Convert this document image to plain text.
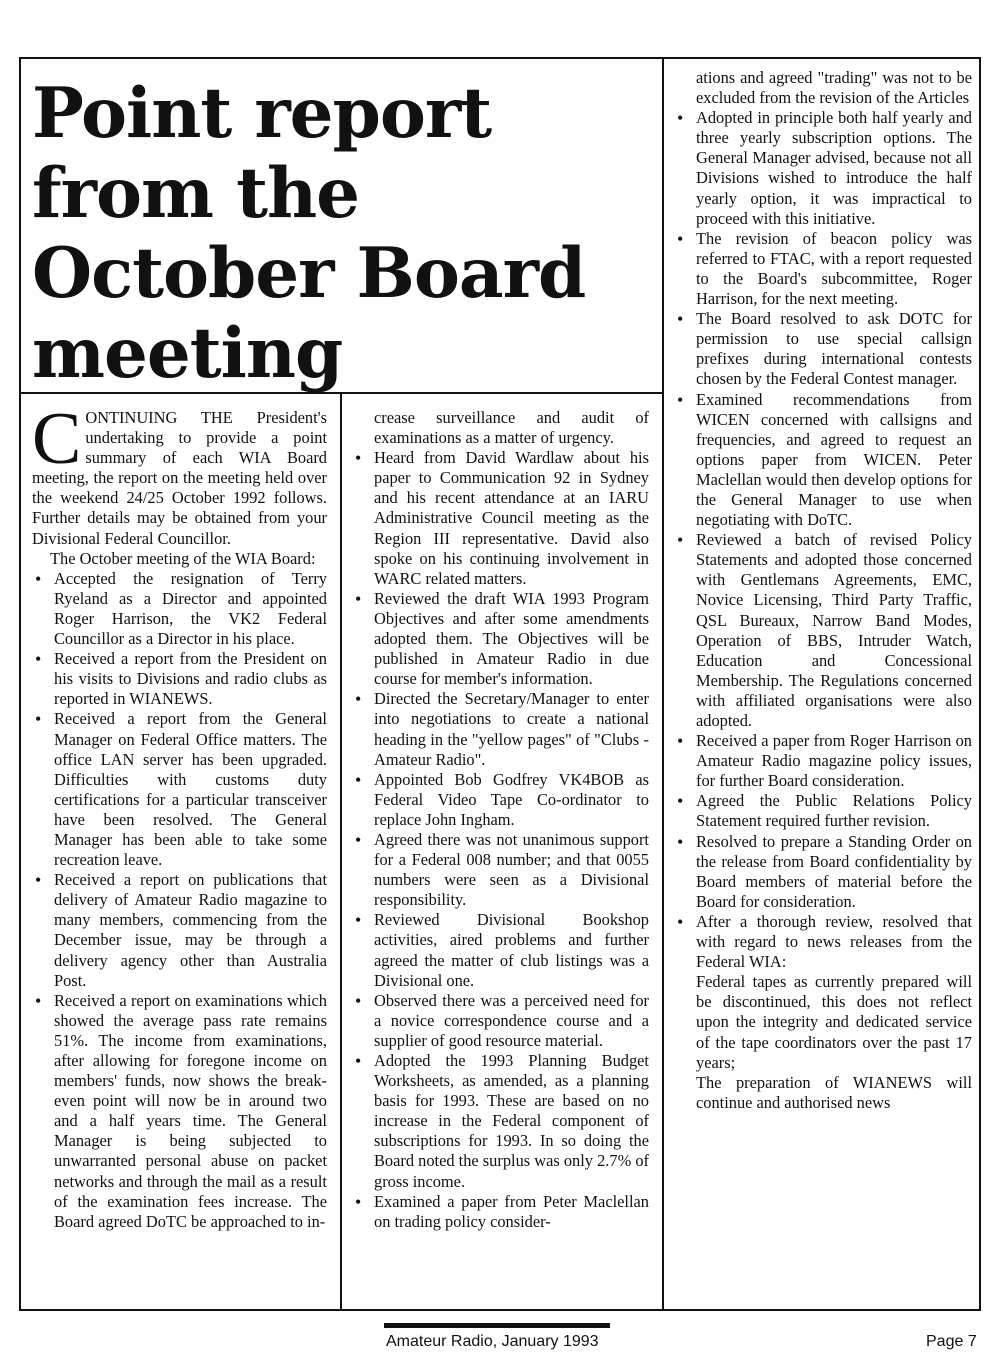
Point report from the October Board meeting

CONTINUING THE President's undertaking to provide a point summary of each WIA Board meeting, the report on the meeting held over the weekend 24/25 October 1992 follows. Further details may be obtained from your Divisional Federal Councillor.

The October meeting of the WIA Board:

• Accepted the resignation of Terry Ryeland as a Director and appointed Roger Harrison, the VK2 Federal Councillor as a Director in his place.
• Received a report from the President on his visits to Divisions and radio clubs as reported in WIANEWS.
• Received a report from the General Manager on Federal Office matters. The office LAN server has been upgraded. Difficulties with customs duty certifications for a particular transceiver have been resolved. The General Manager has been able to take some recreation leave.
• Received a report on publications that delivery of Amateur Radio magazine to many members, commencing from the December issue, may be through a delivery agency other than Australia Post.
• Received a report on examinations which showed the average pass rate remains 51%. The income from examinations, after allowing for foregone income on members' funds, now shows the break-even point will now be in around two and a half years time. The General Manager is being subjected to unwarranted personal abuse on packet networks and through the mail as a result of the examination fees increase. The Board agreed DoTC be approached to in-

crease surveillance and audit of examinations as a matter of urgency.

• Heard from David Wardlaw about his paper to Communication 92 in Sydney and his recent attendance at an IARU Administrative Council meeting as the Region III representative. David also spoke on his continuing involvement in WARC related matters.
• Reviewed the draft WIA 1993 Program Objectives and after some amendments adopted them. The Objectives will be published in Amateur Radio in due course for member's information.
• Directed the Secretary/Manager to enter into negotiations to create a national heading in the "yellow pages" of "Clubs -Amateur Radio".
• Appointed Bob Godfrey VK4BOB as Federal Video Tape Co-ordinator to replace John Ingham.
• Agreed there was not unanimous support for a Federal 008 number; and that 0055 numbers were seen as a Divisional responsibility.
• Reviewed Divisional Bookshop activities, aired problems and further agreed the matter of club listings was a Divisional one.
• Observed there was a perceived need for a novice correspondence course and a supplier of good resource material.
• Adopted the 1993 Planning Budget Worksheets, as amended, as a planning basis for 1993. These are based on no increase in the Federal component of subscriptions for 1993. In so doing the Board noted the surplus was only 2.7% of gross income.
• Examined a paper from Peter Maclellan on trading policy consider-

ations and agreed "trading" was not to be excluded from the revision of the Articles

• Adopted in principle both half yearly and three yearly subscription options. The General Manager advised, because not all Divisions wished to introduce the half yearly option, it was impractical to proceed with this initiative.
• The revision of beacon policy was referred to FTAC, with a report requested to the Board's subcommittee, Roger Harrison, for the next meeting.
• The Board resolved to ask DOTC for permission to use special callsign prefixes during international contests chosen by the Federal Contest manager.
• Examined recommendations from WICEN concerned with callsigns and frequencies, and agreed to request an options paper from WICEN. Peter Maclellan would then develop options for the General Manager to use when negotiating with DoTC.
• Reviewed a batch of revised Policy Statements and adopted those concerned with Gentlemans Agreements, EMC, Novice Licensing, Third Party Traffic, QSL Bureaux, Narrow Band Modes, Operation of BBS, Intruder Watch, Education and Concessional Membership. The Regulations concerned with affiliated organisations were also adopted.
• Received a paper from Roger Harrison on Amateur Radio magazine policy issues, for further Board consideration.
• Agreed the Public Relations Policy Statement required further revision.
• Resolved to prepare a Standing Order on the release from Board confidentiality by Board members of material before the Board for consideration.
• After a thorough review, resolved that with regard to news releases from the Federal WIA:
Federal tapes as currently prepared will be discontinued, this does not reflect upon the integrity and dedicated service of the tape coordinators over the past 17 years;
The preparation of WIANEWS will continue and authorised news
Amateur Radio, January 1993	Page 7
